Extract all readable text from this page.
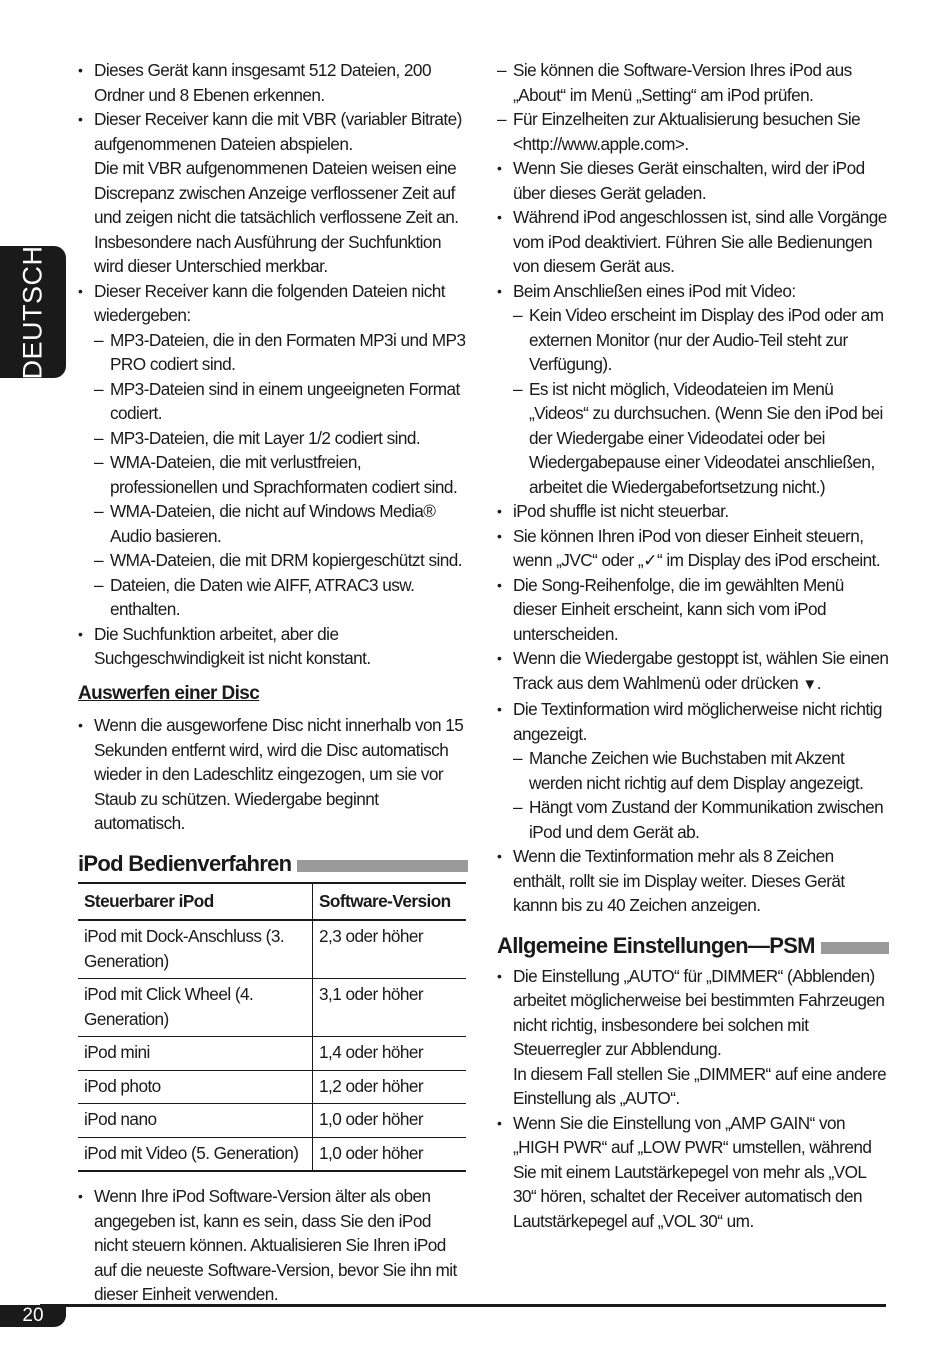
DEUTSCH
• Dieses Gerät kann insgesamt 512 Dateien, 200 Ordner und 8 Ebenen erkennen.
• Dieser Receiver kann die mit VBR (variabler Bitrate) aufgenommenen Dateien abspielen.
Die mit VBR aufgenommenen Dateien weisen eine Discrepanz zwischen Anzeige verflossener Zeit auf und zeigen nicht die tatsächlich verflossene Zeit an. Insbesondere nach Ausführung der Suchfunktion wird dieser Unterschied merkbar.
• Dieser Receiver kann die folgenden Dateien nicht wiedergeben:
– MP3-Dateien, die in den Formaten MP3i und MP3 PRO codiert sind.
– MP3-Dateien sind in einem ungeeigneten Format codiert.
– MP3-Dateien, die mit Layer 1/2 codiert sind.
– WMA-Dateien, die mit verlustfreien, professionellen und Sprachformaten codiert sind.
– WMA-Dateien, die nicht auf Windows Media® Audio basieren.
– WMA-Dateien, die mit DRM kopiergeschützt sind.
– Dateien, die Daten wie AIFF, ATRAC3 usw. enthalten.
• Die Suchfunktion arbeitet, aber die Suchgeschwindigkeit ist nicht konstant.
Auswerfen einer Disc
• Wenn die ausgeworfene Disc nicht innerhalb von 15 Sekunden entfernt wird, wird die Disc automatisch wieder in den Ladeschlitz eingezogen, um sie vor Staub zu schützen. Wiedergabe beginnt automatisch.
iPod Bedienverfahren
Steuerbarer iPod	Software-Version
iPod mit Dock-Anschluss (3. Generation)	2,3 oder höher
iPod mit Click Wheel (4. Generation)	3,1 oder höher
iPod mini	1,4 oder höher
iPod photo	1,2 oder höher
iPod nano	1,0 oder höher
iPod mit Video (5. Generation)	1,0 oder höher
• Wenn Ihre iPod Software-Version älter als oben angegeben ist, kann es sein, dass Sie den iPod nicht steuern können. Aktualisieren Sie Ihren iPod auf die neueste Software-Version, bevor Sie ihn mit dieser Einheit verwenden.
– Sie können die Software-Version Ihres iPod aus „About“ im Menü „Setting“ am iPod prüfen.
– Für Einzelheiten zur Aktualisierung besuchen Sie <http://www.apple.com>.
• Wenn Sie dieses Gerät einschalten, wird der iPod über dieses Gerät geladen.
• Während iPod angeschlossen ist, sind alle Vorgänge vom iPod deaktiviert. Führen Sie alle Bedienungen von diesem Gerät aus.
• Beim Anschließen eines iPod mit Video:
– Kein Video erscheint im Display des iPod oder am externen Monitor (nur der Audio-Teil steht zur Verfügung).
– Es ist nicht möglich, Videodateien im Menü „Videos“ zu durchsuchen. (Wenn Sie den iPod bei der Wiedergabe einer Videodatei oder bei Wiedergabepause einer Videodatei anschließen, arbeitet die Wiedergabefortsetzung nicht.)
• iPod shuffle ist nicht steuerbar.
• Sie können Ihren iPod von dieser Einheit steuern, wenn „JVC“ oder „✓“ im Display des iPod erscheint.
• Die Song-Reihenfolge, die im gewählten Menü dieser Einheit erscheint, kann sich vom iPod unterscheiden.
• Wenn die Wiedergabe gestoppt ist, wählen Sie einen Track aus dem Wahlmenü oder drücken ▼.
• Die Textinformation wird möglicherweise nicht richtig angezeigt.
– Manche Zeichen wie Buchstaben mit Akzent werden nicht richtig auf dem Display angezeigt.
– Hängt vom Zustand der Kommunikation zwischen iPod und dem Gerät ab.
• Wenn die Textinformation mehr als 8 Zeichen enthält, rollt sie im Display weiter. Dieses Gerät kannn bis zu 40 Zeichen anzeigen.
Allgemeine Einstellungen—PSM
• Die Einstellung „AUTO“ für „DIMMER“ (Abblenden) arbeitet möglicherweise bei bestimmten Fahrzeugen nicht richtig, insbesondere bei solchen mit Steuerregler zur Abblendung.
In diesem Fall stellen Sie „DIMMER“ auf eine andere Einstellung als „AUTO“.
• Wenn Sie die Einstellung von „AMP GAIN“ von „HIGH PWR“ auf „LOW PWR“ umstellen, während Sie mit einem Lautstärkepegel von mehr als „VOL 30“ hören, schaltet der Receiver automatisch den Lautstärkepegel auf „VOL 30“ um.
20
